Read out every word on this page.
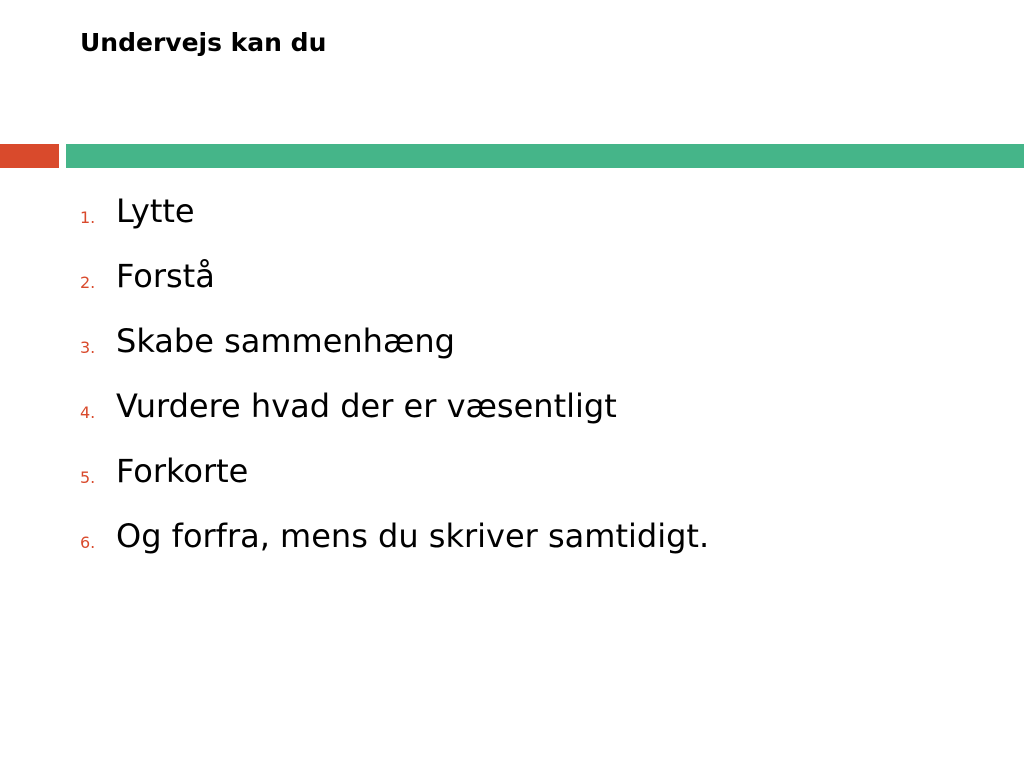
Undervejs kan du
ervejs
1. Lytte
2. Forstå
3. Skabe sammenhæng
4. Vurdere hvad der er væsentligt
5. Forkorte
6. Og forfra, mens du skriver samtidigt.
